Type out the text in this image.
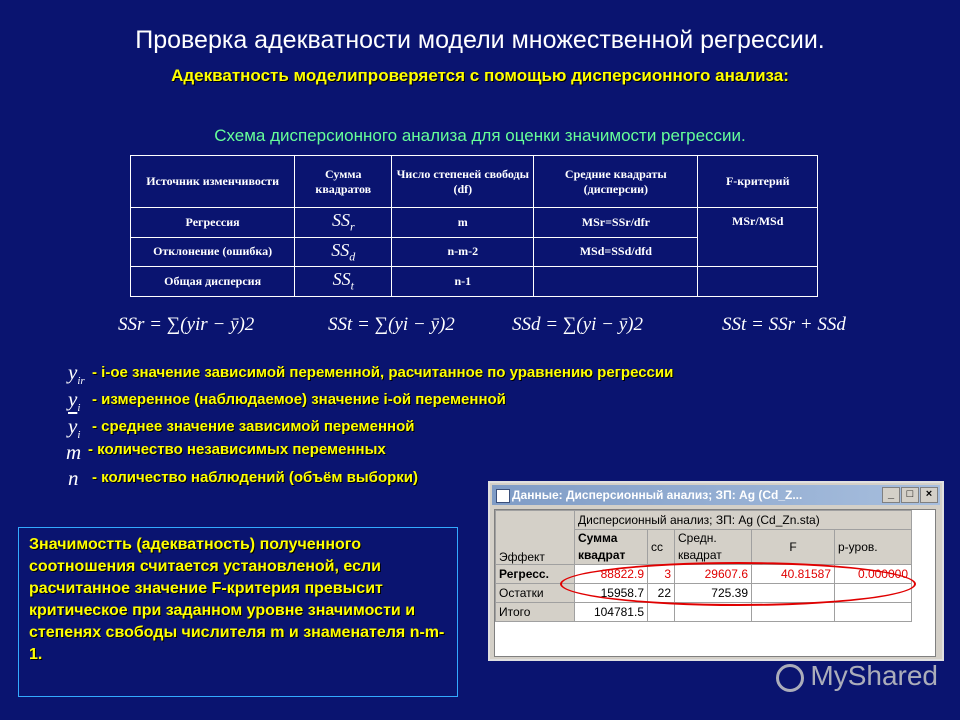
Проверка адекватности модели множественной регрессии.
Адекватность моделипроверяется с помощью дисперсионного анализа:
Схема дисперсионного анализа для оценки значимости регрессии.
Источник изменчивости	Сумма квадратов	Число степеней свободы (df)	Средние квадраты (дисперсии)	F-критерий
Регрессия	$SS_r$	m	MSr=SSr/dfr	MSr/MSd
Отклонение (ошибка)	$SS_d$	n-m-2	MSd=SSd/dfd	
Общая дисперсия	$SS_t$	n-1		
SSr = ∑(yir − ȳ)2	SSt = ∑(yi − ȳ)2	SSd = ∑(yi − ȳ)2	SSt = SSr + SSd
$y_{ir}$
- i-ое значение зависимой переменной, расчитанное по уравнению регрессии
$y_i$
- измеренное (наблюдаемое) значение i-ой переменной
$\overline{y}_i$
- среднее значение зависимой переменной
m - количество независимых переменных
n - количество наблюдений (объём выборки)
Значимостть (адекватность) полученного соотношения считается установленой, если расчитанное значение F-критерия превысит критическое при заданном уровне значимости и степенях свободы числителя m и знаменателя n-m-1.
Данные: Дисперсионный анализ; ЗП: Ag (Cd_Z...	_	□	×
Эффект	Дисперсионный анализ; ЗП: Ag (Cd_Zn.sta)				
	Сумма квадрат	cc	Средн. квадрат	F	р-уров.

Регресс.	88822.9	3	29607.6	40.81587	0.000000
Остатки	15958.7	22	725.39		
Итого	104781.5				
MyShared
